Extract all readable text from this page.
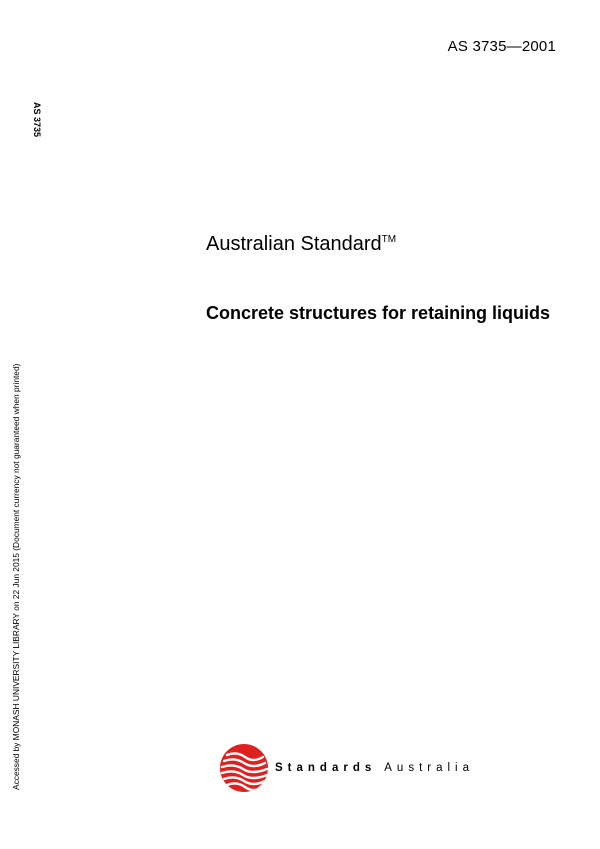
AS 3735—2001
AS 3735
Accessed by MONASH UNIVERSITY LIBRARY on 22 Jun 2015 (Document currency not guaranteed when printed)
Australian Standard™
Concrete structures for retaining liquids
Standards Australia
